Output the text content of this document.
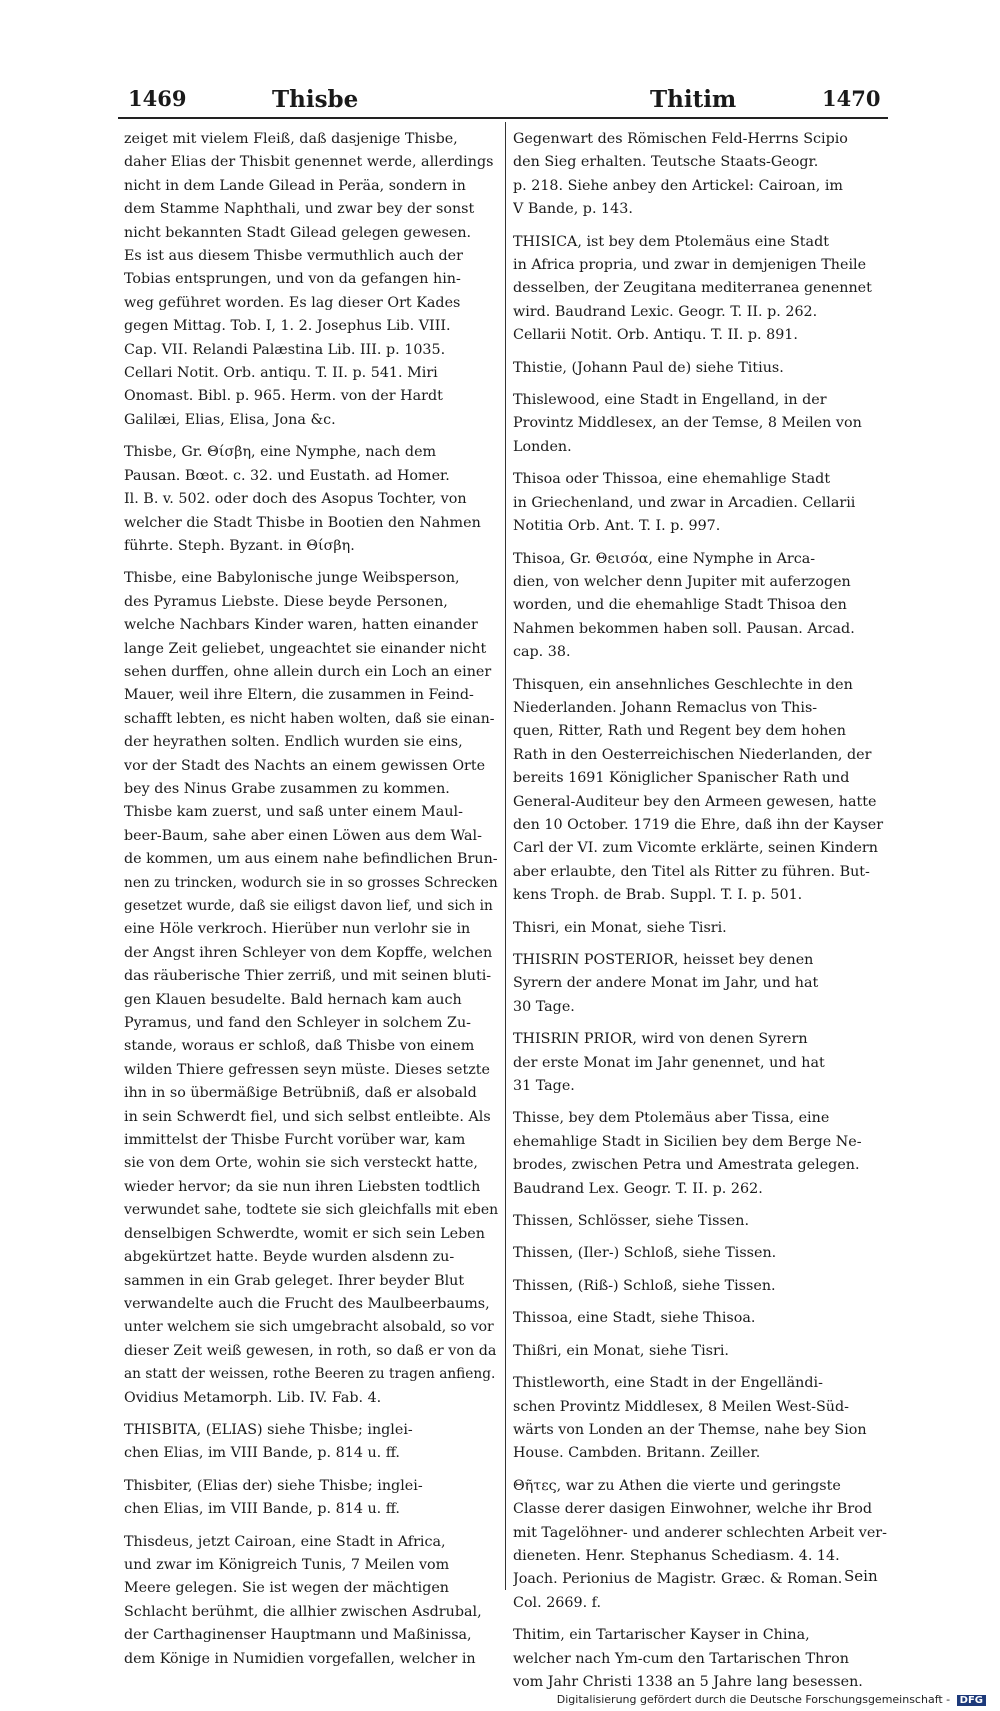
1469	Thisbe	Thitim	1470

zeiget mit vielem Fleiß, daß dasjenige Thisbe,
daher Elias der Thisbit genennet werde, allerdings
nicht in dem Lande Gilead in Peräa, sondern in
dem Stamme Naphthali, und zwar bey der sonst
nicht bekannten Stadt Gilead gelegen gewesen.
Es ist aus diesem Thisbe vermuthlich auch der
Tobias entsprungen, und von da gefangen hin-
weg geführet worden. Es lag dieser Ort Kades
gegen Mittag. Tob. I, 1. 2. Josephus Lib. VIII.
Cap. VII. Relandi Palæstina Lib. III. p. 1035.
Cellari Notit. Orb. antiqu. T. II. p. 541. Miri
Onomast. Bibl. p. 965. Herm. von der Hardt
Galilæi, Elias, Elisa, Jona &c.

Thisbe, Gr. Θίσβη, eine Nymphe, nach dem
Pausan. Bœot. c. 32. und Eustath. ad Homer.
Il. B. v. 502. oder doch des Asopus Tochter, von
welcher die Stadt Thisbe in Bootien den Nahmen
führte. Steph. Byzant. in Θίσβη.

Thisbe, eine Babylonische junge Weibsperson,
des Pyramus Liebste. Diese beyde Personen,
welche Nachbars Kinder waren, hatten einander
lange Zeit geliebet, ungeachtet sie einander nicht
sehen durffen, ohne allein durch ein Loch an einer
Mauer, weil ihre Eltern, die zusammen in Feind-
schafft lebten, es nicht haben wolten, daß sie einan-
der heyrathen solten. Endlich wurden sie eins,
vor der Stadt des Nachts an einem gewissen Orte
bey des Ninus Grabe zusammen zu kommen.
Thisbe kam zuerst, und saß unter einem Maul-
beer-Baum, sahe aber einen Löwen aus dem Wal-
de kommen, um aus einem nahe befindlichen Brun-
nen zu trincken, wodurch sie in so grosses Schrecken
gesetzet wurde, daß sie eiligst davon lief, und sich in
eine Höle verkroch. Hierüber nun verlohr sie in
der Angst ihren Schleyer von dem Kopffe, welchen
das räuberische Thier zerriß, und mit seinen bluti-
gen Klauen besudelte. Bald hernach kam auch
Pyramus, und fand den Schleyer in solchem Zu-
stande, woraus er schloß, daß Thisbe von einem
wilden Thiere gefressen seyn müste. Dieses setzte
ihn in so übermäßige Betrübniß, daß er alsobald
in sein Schwerdt fiel, und sich selbst entleibte. Als
immittelst der Thisbe Furcht vorüber war, kam
sie von dem Orte, wohin sie sich versteckt hatte,
wieder hervor; da sie nun ihren Liebsten todtlich
verwundet sahe, todtete sie sich gleichfalls mit eben
denselbigen Schwerdte, womit er sich sein Leben
abgekürtzet hatte. Beyde wurden alsdenn zu-
sammen in ein Grab geleget. Ihrer beyder Blut
verwandelte auch die Frucht des Maulbeerbaums,
unter welchem sie sich umgebracht alsobald, so vor
dieser Zeit weiß gewesen, in roth, so daß er von da
an statt der weissen, rothe Beeren zu tragen anfieng.
Ovidius Metamorph. Lib. IV. Fab. 4.

THISBITA, (ELIAS) siehe Thisbe; inglei-
chen Elias, im VIII Bande, p. 814 u. ff.

Thisbiter, (Elias der) siehe Thisbe; inglei-
chen Elias, im VIII Bande, p. 814 u. ff.

Thisdeus, jetzt Cairoan, eine Stadt in Africa,
und zwar im Königreich Tunis, 7 Meilen vom
Meere gelegen. Sie ist wegen der mächtigen
Schlacht berühmt, die allhier zwischen Asdrubal,
der Carthaginenser Hauptmann und Maßinissa,
dem Könige in Numidien vorgefallen, welcher in

Gegenwart des Römischen Feld-Herrns Scipio
den Sieg erhalten. Teutsche Staats-Geogr.
p. 218. Siehe anbey den Artickel: Cairoan, im
V Bande, p. 143.

THISICA, ist bey dem Ptolemäus eine Stadt
in Africa propria, und zwar in demjenigen Theile
desselben, der Zeugitana mediterranea genennet
wird. Baudrand Lexic. Geogr. T. II. p. 262.
Cellarii Notit. Orb. Antiqu. T. II. p. 891.

Thistie, (Johann Paul de) siehe Titius.

Thislewood, eine Stadt in Engelland, in der
Provintz Middlesex, an der Temse, 8 Meilen von
Londen.

Thisoa oder Thissoa, eine ehemahlige Stadt
in Griechenland, und zwar in Arcadien. Cellarii
Notitia Orb. Ant. T. I. p. 997.

Thisoa, Gr. Θεισόα, eine Nymphe in Arca-
dien, von welcher denn Jupiter mit auferzogen
worden, und die ehemahlige Stadt Thisoa den
Nahmen bekommen haben soll. Pausan. Arcad.
cap. 38.

Thisquen, ein ansehnliches Geschlechte in den
Niederlanden. Johann Remaclus von This-
quen, Ritter, Rath und Regent bey dem hohen
Rath in den Oesterreichischen Niederlanden, der
bereits 1691 Königlicher Spanischer Rath und
General-Auditeur bey den Armeen gewesen, hatte
den 10 October. 1719 die Ehre, daß ihn der Kayser
Carl der VI. zum Vicomte erklärte, seinen Kindern
aber erlaubte, den Titel als Ritter zu führen. But-
kens Troph. de Brab. Suppl. T. I. p. 501.

Thisri, ein Monat, siehe Tisri.

THISRIN POSTERIOR, heisset bey denen
Syrern der andere Monat im Jahr, und hat
30 Tage.

THISRIN PRIOR, wird von denen Syrern
der erste Monat im Jahr genennet, und hat
31 Tage.

Thisse, bey dem Ptolemäus aber Tissa, eine
ehemahlige Stadt in Sicilien bey dem Berge Ne-
brodes, zwischen Petra und Amestrata gelegen.
Baudrand Lex. Geogr. T. II. p. 262.

Thissen, Schlösser, siehe Tissen.

Thissen, (Iler-) Schloß, siehe Tissen.

Thissen, (Riß-) Schloß, siehe Tissen.

Thissoa, eine Stadt, siehe Thisoa.

Thißri, ein Monat, siehe Tisri.

Thistleworth, eine Stadt in der Engelländi-
schen Provintz Middlesex, 8 Meilen West-Süd-
wärts von Londen an der Themse, nahe bey Sion
House. Cambden. Britann. Zeiller.

Θῆτες, war zu Athen die vierte und geringste
Classe derer dasigen Einwohner, welche ihr Brod
mit Tagelöhner- und anderer schlechten Arbeit ver-
dieneten. Henr. Stephanus Schediasm. 4. 14.
Joach. Perionius de Magistr. Græc. & Roman.
Col. 2669. f.

Thitim, ein Tartarischer Kayser in China,
welcher nach Ym-cum den Tartarischen Thron
vom Jahr Christi 1338 an 5 Jahre lang besessen.

Sein
Digitalisierung gefördert durch die Deutsche Forschungsgemeinschaft - DFG
